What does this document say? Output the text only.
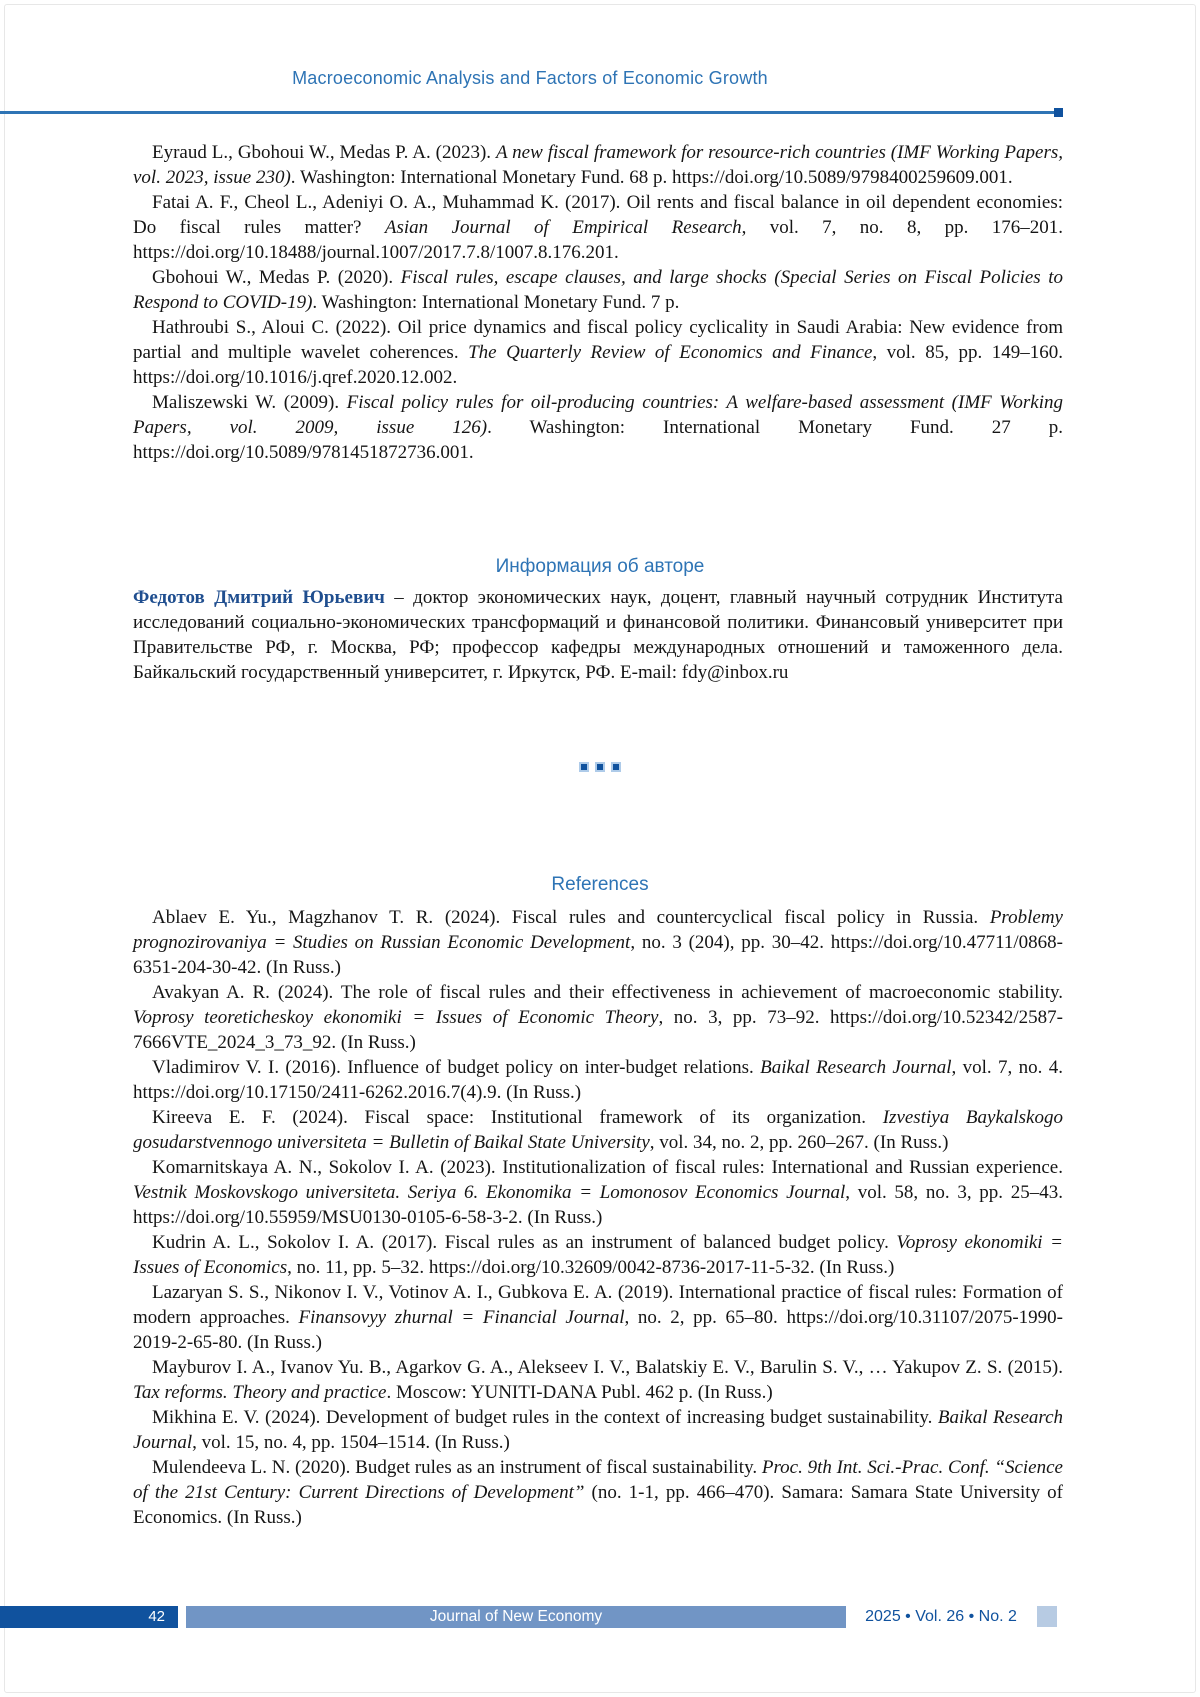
Macroeconomic Analysis and Factors of Economic Growth

Eyraud L., Gbohoui W., Medas P. A. (2023). A new fiscal framework for resource-rich countries (IMF Working Papers, vol. 2023, issue 230). Washington: International Monetary Fund. 68 p. https://doi.org/10.5089/9798400259609.001.

Fatai A. F., Cheol L., Adeniyi O. A., Muhammad K. (2017). Oil rents and fiscal balance in oil dependent economies: Do fiscal rules matter? Asian Journal of Empirical Research, vol. 7, no. 8, pp. 176–201. https://doi.org/10.18488/journal.1007/2017.7.8/1007.8.176.201.

Gbohoui W., Medas P. (2020). Fiscal rules, escape clauses, and large shocks (Special Series on Fiscal Policies to Respond to COVID-19). Washington: International Monetary Fund. 7 p.

Hathroubi S., Aloui C. (2022). Oil price dynamics and fiscal policy cyclicality in Saudi Arabia: New evidence from partial and multiple wavelet coherences. The Quarterly Review of Economics and Finance, vol. 85, pp. 149–160. https://doi.org/10.1016/j.qref.2020.12.002.

Maliszewski W. (2009). Fiscal policy rules for oil-producing countries: A welfare-based assessment (IMF Working Papers, vol. 2009, issue 126). Washington: International Monetary Fund. 27 p. https://doi.org/10.5089/9781451872736.001.

Информация об авторе

Федотов Дмитрий Юрьевич – доктор экономических наук, доцент, главный научный сотрудник Института исследований социально-экономических трансформаций и финансовой политики. Финансовый университет при Правительстве РФ, г. Москва, РФ; профессор кафедры международных отношений и таможенного дела. Байкальский государственный университет, г. Иркутск, РФ. E-mail: fdy@inbox.ru

References

Ablaev E. Yu., Magzhanov T. R. (2024). Fiscal rules and countercyclical fiscal policy in Russia. Problemy prognozirovaniya = Studies on Russian Economic Development, no. 3 (204), pp. 30–42. https://doi.org/10.47711/0868-6351-204-30-42. (In Russ.)

Avakyan A. R. (2024). The role of fiscal rules and their effectiveness in achievement of macroeconomic stability. Voprosy teoreticheskoy ekonomiki = Issues of Economic Theory, no. 3, pp. 73–92. https://doi.org/10.52342/2587-7666VTE_2024_3_73_92. (In Russ.)

Vladimirov V. I. (2016). Influence of budget policy on inter-budget relations. Baikal Research Journal, vol. 7, no. 4. https://doi.org/10.17150/2411-6262.2016.7(4).9. (In Russ.)

Kireeva E. F. (2024). Fiscal space: Institutional framework of its organization. Izvestiya Baykalskogo gosudarstvennogo universiteta = Bulletin of Baikal State University, vol. 34, no. 2, pp. 260–267. (In Russ.)

Komarnitskaya A. N., Sokolov I. A. (2023). Institutionalization of fiscal rules: International and Russian experience. Vestnik Moskovskogo universiteta. Seriya 6. Ekonomika = Lomonosov Economics Journal, vol. 58, no. 3, pp. 25–43. https://doi.org/10.55959/MSU0130-0105-6-58-3-2. (In Russ.)

Kudrin A. L., Sokolov I. A. (2017). Fiscal rules as an instrument of balanced budget policy. Voprosy ekonomiki = Issues of Economics, no. 11, pp. 5–32. https://doi.org/10.32609/0042-8736-2017-11-5-32. (In Russ.)

Lazaryan S. S., Nikonov I. V., Votinov A. I., Gubkova E. A. (2019). International practice of fiscal rules: Formation of modern approaches. Finansovyy zhurnal = Financial Journal, no. 2, pp. 65–80. https://doi.org/10.31107/2075-1990-2019-2-65-80. (In Russ.)

Mayburov I. A., Ivanov Yu. B., Agarkov G. A., Alekseev I. V., Balatskiy E. V., Barulin S. V., … Yakupov Z. S. (2015). Tax reforms. Theory and practice. Moscow: YUNITI-DANA Publ. 462 p. (In Russ.)

Mikhina E. V. (2024). Development of budget rules in the context of increasing budget sustainability. Baikal Research Journal, vol. 15, no. 4, pp. 1504–1514. (In Russ.)

Mulendeeva L. N. (2020). Budget rules as an instrument of fiscal sustainability. Proc. 9th Int. Sci.-Prac. Conf. “Science of the 21st Century: Current Directions of Development” (no. 1-1, pp. 466–470). Samara: Samara State University of Economics. (In Russ.)

42	Journal of New Economy	2025 • Vol. 26 • No. 2
